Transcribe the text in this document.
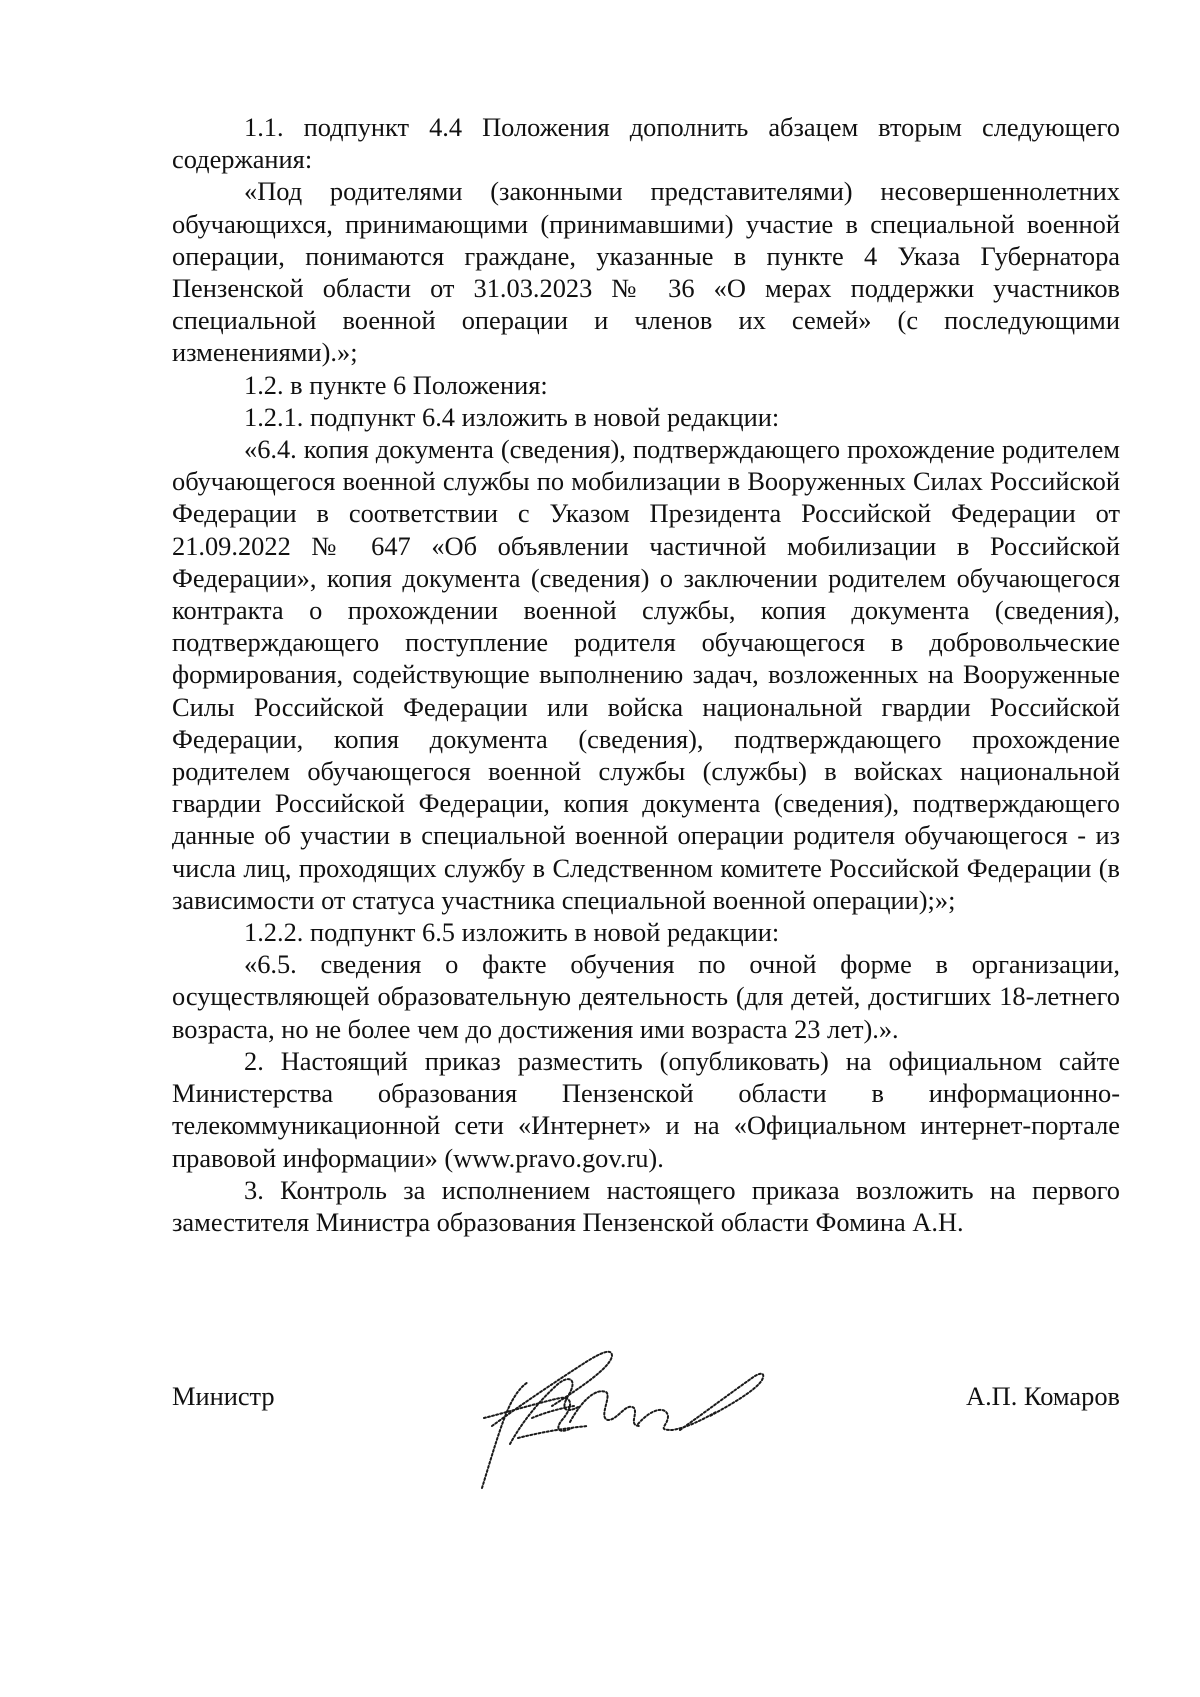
1.1. подпункт 4.4 Положения дополнить абзацем вторым следующего содержания:

«Под родителями (законными представителями) несовершеннолетних обучающихся, принимающими (принимавшими) участие в специальной военной операции, понимаются граждане, указанные в пункте 4 Указа Губернатора Пензенской области от 31.03.2023 № 36 «О мерах поддержки участников специальной военной операции и членов их семей» (с последующими изменениями).»;

1.2. в пункте 6 Положения:

1.2.1. подпункт 6.4 изложить в новой редакции:

«6.4. копия документа (сведения), подтверждающего прохождение родителем обучающегося военной службы по мобилизации в Вооруженных Силах Российской Федерации в соответствии с Указом Президента Российской Федерации от 21.09.2022 № 647 «Об объявлении частичной мобилизации в Российской Федерации», копия документа (сведения) о заключении родителем обучающегося контракта о прохождении военной службы, копия документа (сведения), подтверждающего поступление родителя обучающегося в добровольческие формирования, содействующие выполнению задач, возложенных на Вооруженные Силы Российской Федерации или войска национальной гвардии Российской Федерации, копия документа (сведения), подтверждающего прохождение родителем обучающегося военной службы (службы) в войсках национальной гвардии Российской Федерации, копия документа (сведения), подтверждающего данные об участии в специальной военной операции родителя обучающегося - из числа лиц, проходящих службу в Следственном комитете Российской Федерации (в зависимости от статуса участника специальной военной операции);»;

1.2.2. подпункт 6.5 изложить в новой редакции:

«6.5. сведения о факте обучения по очной форме в организации, осуществляющей образовательную деятельность (для детей, достигших 18-летнего возраста, но не более чем до достижения ими возраста 23 лет).».

2. Настоящий приказ разместить (опубликовать) на официальном сайте Министерства образования Пензенской области в информационно-телекоммуникационной сети «Интернет» и на «Официальном интернет-портале правовой информации» (www.pravo.gov.ru).

3. Контроль за исполнением настоящего приказа возложить на первого заместителя Министра образования Пензенской области Фомина А.Н.

Министр	А.П. Комаров
